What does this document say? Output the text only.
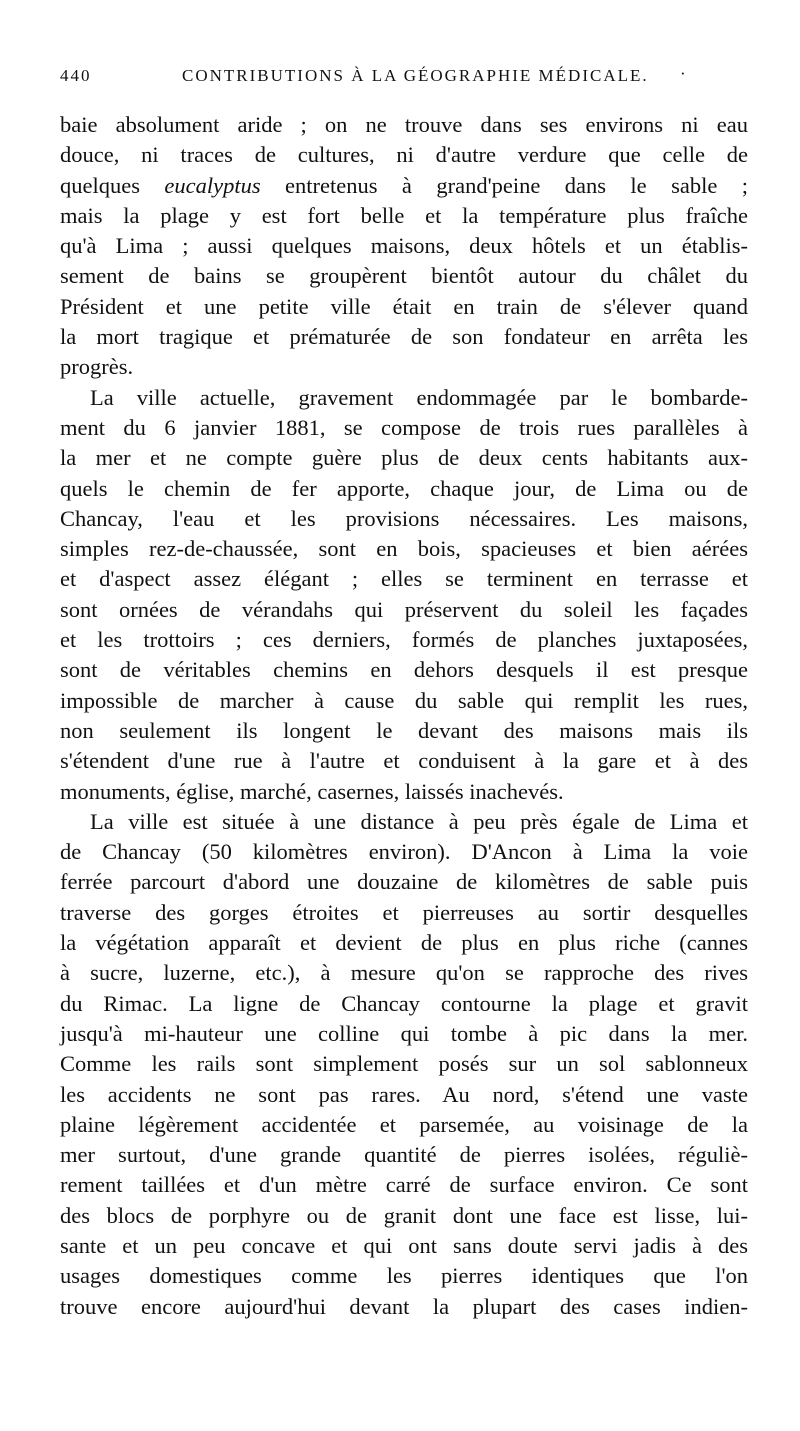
440	CONTRIBUTIONS À LA GÉOGRAPHIE MÉDICALE. ·
baie absolument aride ; on ne trouve dans ses environs ni eau
douce, ni traces de cultures, ni d'autre verdure que celle de
quelques eucalyptus entretenus à grand'peine dans le sable ;
mais la plage y est fort belle et la température plus fraîche
qu'à Lima ; aussi quelques maisons, deux hôtels et un établis-
sement de bains se groupèrent bientôt autour du châlet du
Président et une petite ville était en train de s'élever quand
la mort tragique et prématurée de son fondateur en arrêta les
progrès.
La ville actuelle, gravement endommagée par le bombarde-
ment du 6 janvier 1881, se compose de trois rues parallèles à
la mer et ne compte guère plus de deux cents habitants aux-
quels le chemin de fer apporte, chaque jour, de Lima ou de
Chancay, l'eau et les provisions nécessaires. Les maisons,
simples rez-de-chaussée, sont en bois, spacieuses et bien aérées
et d'aspect assez élégant ; elles se terminent en terrasse et
sont ornées de vérandahs qui préservent du soleil les façades
et les trottoirs ; ces derniers, formés de planches juxtaposées,
sont de véritables chemins en dehors desquels il est presque
impossible de marcher à cause du sable qui remplit les rues,
non seulement ils longent le devant des maisons mais ils
s'étendent d'une rue à l'autre et conduisent à la gare et à des
monuments, église, marché, casernes, laissés inachevés.
La ville est située à une distance à peu près égale de Lima et
de Chancay (50 kilomètres environ). D'Ancon à Lima la voie
ferrée parcourt d'abord une douzaine de kilomètres de sable puis
traverse des gorges étroites et pierreuses au sortir desquelles
la végétation apparaît et devient de plus en plus riche (cannes
à sucre, luzerne, etc.), à mesure qu'on se rapproche des rives
du Rimac. La ligne de Chancay contourne la plage et gravit
jusqu'à mi-hauteur une colline qui tombe à pic dans la mer.
Comme les rails sont simplement posés sur un sol sablonneux
les accidents ne sont pas rares. Au nord, s'étend une vaste
plaine légèrement accidentée et parsemée, au voisinage de la
mer surtout, d'une grande quantité de pierres isolées, réguliè-
rement taillées et d'un mètre carré de surface environ. Ce sont
des blocs de porphyre ou de granit dont une face est lisse, lui-
sante et un peu concave et qui ont sans doute servi jadis à des
usages domestiques comme les pierres identiques que l'on
trouve encore aujourd'hui devant la plupart des cases indien-
